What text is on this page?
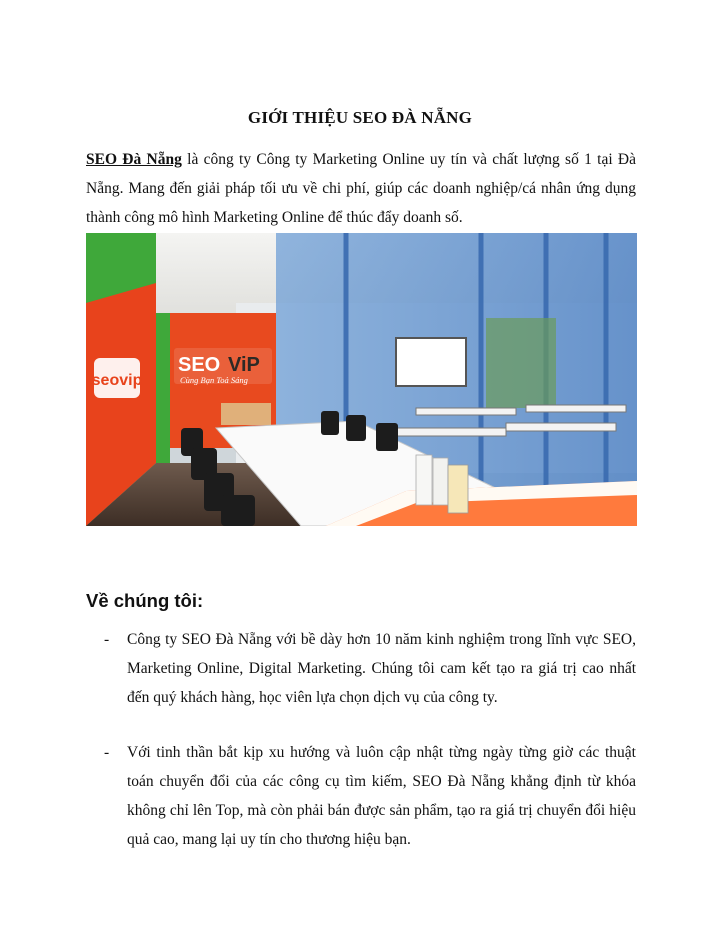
GIỚI THIỆU SEO ĐÀ NẴNG
SEO Đà Nẵng là công ty Công ty Marketing Online uy tín và chất lượng số 1 tại Đà Nẵng. Mang đến giải pháp tối ưu về chi phí, giúp các doanh nghiệp/cá nhân ứng dụng thành công mô hình Marketing Online để thúc đẩy doanh số.
seovip
SEO ViP
Cùng Bạn Toả Sáng
Về chúng tôi:
- Công ty SEO Đà Nẵng với bề dày hơn 10 năm kinh nghiệm trong lĩnh vực SEO, Marketing Online, Digital Marketing. Chúng tôi cam kết tạo ra giá trị cao nhất đến quý khách hàng, học viên lựa chọn dịch vụ của công ty.
- Với tinh thần bắt kịp xu hướng và luôn cập nhật từng ngày từng giờ các thuật toán chuyển đổi của các công cụ tìm kiếm, SEO Đà Nẵng khẳng định từ khóa không chỉ lên Top, mà còn phải bán được sản phẩm, tạo ra giá trị chuyển đổi hiệu quả cao, mang lại uy tín cho thương hiệu bạn.
